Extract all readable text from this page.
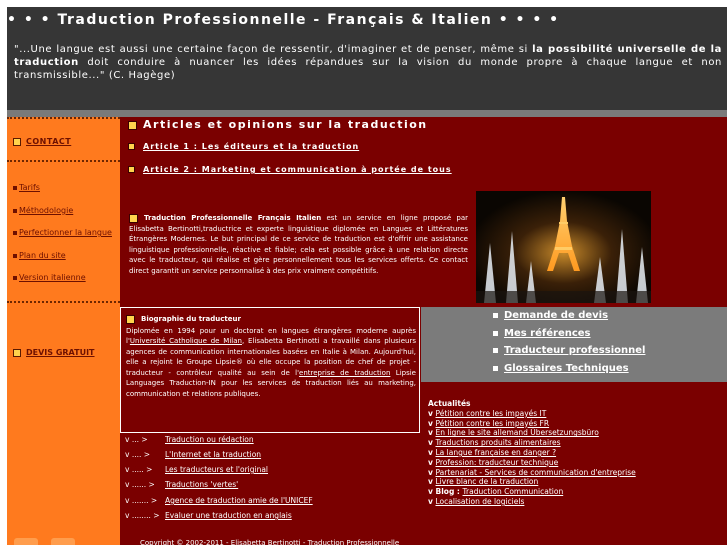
• • • Traduction Professionnelle - Français & Italien • • • •
"...Une langue est aussi une certaine façon de ressentir, d'imaginer et de penser, même si la possibilité universelle de la traduction doit conduire à nuancer les idées répandues sur la vision du monde propre à chaque langue et non transmissible..." (C. Hagège)
CONTACT
Tarifs
Méthodologie
Perfectionner la langue
Plan du site
Version italienne
DEVIS GRATUIT
Articles et opinions sur la traduction
Article 1 : Les éditeurs et la traduction
Article 2 : Marketing et communication à portée de tous
Traduction Professionnelle Français Italien est un service en ligne proposé par Elisabetta Bertinotti,traductrice et experte linguistique diplomée en Langues et Littératures Étrangères Modernes. Le but principal de ce service de traduction est d'offrir une assistance linguistique professionnelle, réactive et fiable; cela est possible grâce à une relation directe avec le traducteur, qui réalise et gère personnellement tous les services offerts. Ce contact direct garantit un service personnalisé à des prix vraiment compétitifs.
Biographie du traducteur
Diplomée en 1994 pour un doctorat en langues étrangères moderne auprès l'Université Catholique de Milan, Elisabetta Bertinotti a travaillé dans plusieurs agences de communication internationales basées en Italie à Milan. Aujourd'hui, elle a rejoint le Groupe Lipsie® où elle occupe la position de chef de projet - traducteur - contrôleur qualité au sein de l'entreprise de traduction Lipsie Languages Traduction-IN pour les services de traduction liés au marketing, communication et relations publiques.
Demande de devis
Mes références
Traducteur professionnel
Glossaires Techniques
Actualités
v Pétition contre les impayés IT
v Pétition contre les impayés FR
v En ligne le site allemand Übersetzungsbüro
v Traductions produits alimentaires
v La langue française en danger ?
v Profession: traducteur technique
v Partenariat - Services de communication d'entreprise
v Livre blanc de la traduction
v Blog : Traduction Communication
v Localisation de logiciels
v ... > Traduction ou rédaction
v .... > L'Internet et la traduction
v ..... > Les traducteurs et l'original
v ...... > Traductions 'vertes'
v ....... > Agence de traduction amie de l'UNICEF
v ........ > Evaluer une traduction en anglais
Copyright © 2002-2011 - Elisabetta Bertinotti - Traduction Professionnelle
